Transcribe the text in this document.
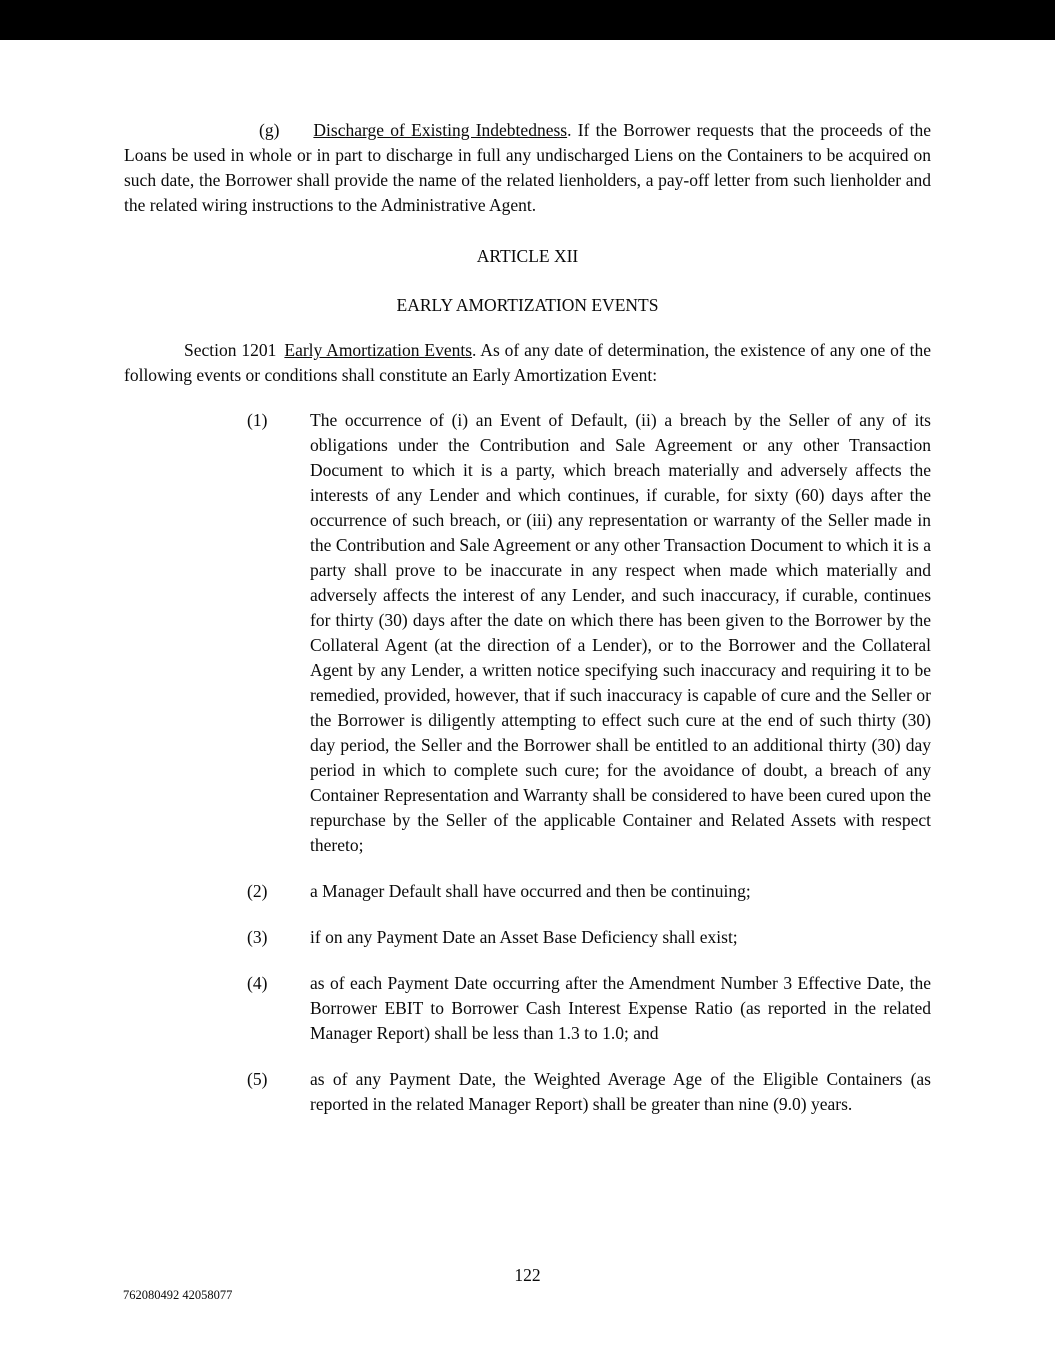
(g) Discharge of Existing Indebtedness. If the Borrower requests that the proceeds of the Loans be used in whole or in part to discharge in full any undischarged Liens on the Containers to be acquired on such date, the Borrower shall provide the name of the related lienholders, a pay-off letter from such lienholder and the related wiring instructions to the Administrative Agent.

ARTICLE XII
EARLY AMORTIZATION EVENTS

Section 1201 Early Amortization Events. As of any date of determination, the existence of any one of the following events or conditions shall constitute an Early Amortization Event:

(1)	The occurrence of (i) an Event of Default, (ii) a breach by the Seller of any of its obligations under the Contribution and Sale Agreement or any other Transaction Document to which it is a party, which breach materially and adversely affects the interests of any Lender and which continues, if curable, for sixty (60) days after the occurrence of such breach, or (iii) any representation or warranty of the Seller made in the Contribution and Sale Agreement or any other Transaction Document to which it is a party shall prove to be inaccurate in any respect when made which materially and adversely affects the interest of any Lender, and such inaccuracy, if curable, continues for thirty (30) days after the date on which there has been given to the Borrower by the Collateral Agent (at the direction of a Lender), or to the Borrower and the Collateral Agent by any Lender, a written notice specifying such inaccuracy and requiring it to be remedied, provided, however, that if such inaccuracy is capable of cure and the Seller or the Borrower is diligently attempting to effect such cure at the end of such thirty (30) day period, the Seller and the Borrower shall be entitled to an additional thirty (30) day period in which to complete such cure; for the avoidance of doubt, a breach of any Container Representation and Warranty shall be considered to have been cured upon the repurchase by the Seller of the applicable Container and Related Assets with respect thereto;
(2)	a Manager Default shall have occurred and then be continuing;
(3)	if on any Payment Date an Asset Base Deficiency shall exist;
(4)	as of each Payment Date occurring after the Amendment Number 3 Effective Date, the Borrower EBIT to Borrower Cash Interest Expense Ratio (as reported in the related Manager Report) shall be less than 1.3 to 1.0; and
(5)	as of any Payment Date, the Weighted Average Age of the Eligible Containers (as reported in the related Manager Report) shall be greater than nine (9.0) years.
122
762080492 42058077
